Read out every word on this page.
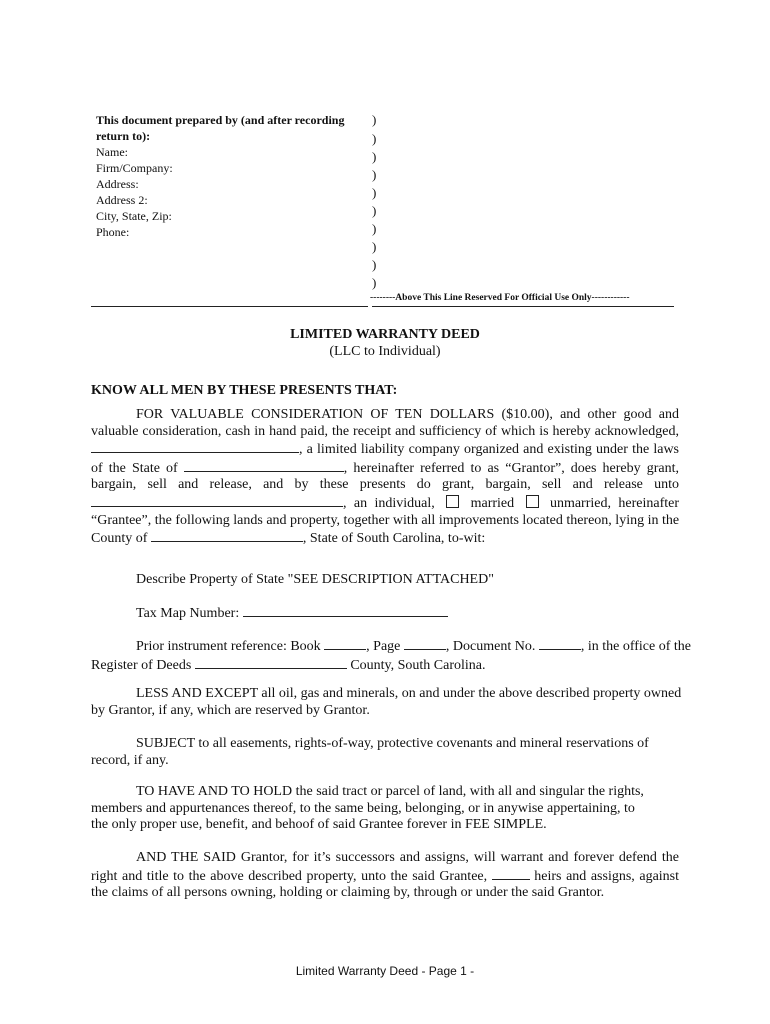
This document prepared by (and after recording
return to):
Name:
Firm/Company:
Address:
Address 2:
City, State, Zip:
Phone:
)
)
)
)
)
)
)
)
)
)
--------Above This Line Reserved For Official Use Only------------
LIMITED WARRANTY DEED
(LLC to Individual)
KNOW ALL MEN BY THESE PRESENTS THAT:
FOR VALUABLE CONSIDERATION OF TEN DOLLARS ($10.00), and other good and
valuable consideration, cash in hand paid, the receipt and sufficiency of which is hereby acknowledged,
, a limited liability company organized and existing under the laws
of the State of	, hereinafter referred to as “Grantor”, does hereby grant,
bargain, sell and release, and by these presents do grant, bargain, sell and release unto
, an individual,	married	unmarried, hereinafter
“Grantee”, the following lands and property, together with all improvements located thereon, lying in the
County of	, State of South Carolina, to-wit:
Describe Property of State "SEE DESCRIPTION ATTACHED"
Tax Map Number:
Prior instrument reference: Book	, Page	, Document No.	, in the office of the
Register of Deeds	County, South Carolina.
LESS AND EXCEPT all oil, gas and minerals, on and under the above described property owned
by Grantor, if any, which are reserved by Grantor.
SUBJECT to all easements, rights-of-way, protective covenants and mineral reservations of
record, if any.
TO HAVE AND TO HOLD the said tract or parcel of land, with all and singular the rights,
members and appurtenances thereof, to the same being, belonging, or in anywise appertaining, to
the only proper use, benefit, and behoof of said Grantee forever in FEE SIMPLE.
AND THE SAID Grantor, for it’s successors and assigns, will warrant and forever defend the
right and title to the above described property, unto the said Grantee,	heirs and assigns, against
the claims of all persons owning, holding or claiming by, through or under the said Grantor.
Limited Warranty Deed - Page 1 -
